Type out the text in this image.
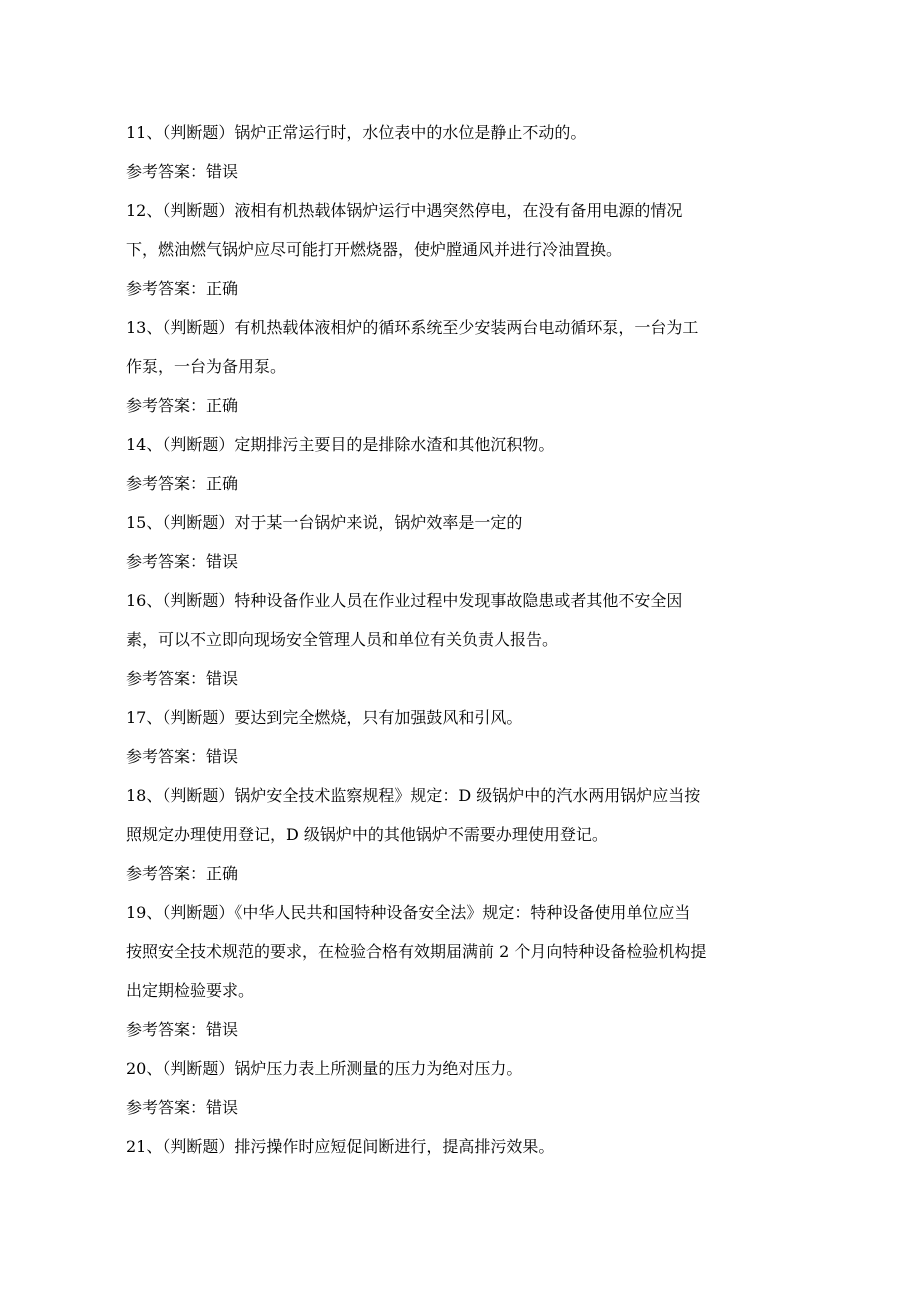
11、（判断题）锅炉正常运行时，水位表中的水位是静止不动的。
参考答案：错误
12、（判断题）液相有机热载体锅炉运行中遇突然停电，在没有备用电源的情况
下，燃油燃气锅炉应尽可能打开燃烧器，使炉膛通风并进行冷油置换。
参考答案：正确
13、（判断题）有机热载体液相炉的循环系统至少安装两台电动循环泵，一台为工
作泵，一台为备用泵。
参考答案：正确
14、（判断题）定期排污主要目的是排除水渣和其他沉积物。
参考答案：正确
15、（判断题）对于某一台锅炉来说，锅炉效率是一定的
参考答案：错误
16、（判断题）特种设备作业人员在作业过程中发现事故隐患或者其他不安全因
素，可以不立即向现场安全管理人员和单位有关负责人报告。
参考答案：错误
17、（判断题）要达到完全燃烧，只有加强鼓风和引风。
参考答案：错误
18、（判断题）锅炉安全技术监察规程》规定：D 级锅炉中的汽水两用锅炉应当按
照规定办理使用登记，D 级锅炉中的其他锅炉不需要办理使用登记。
参考答案：正确
19、（判断题）《中华人民共和国特种设备安全法》规定：特种设备使用单位应当
按照安全技术规范的要求，在检验合格有效期届满前 2 个月向特种设备检验机构提
出定期检验要求。
参考答案：错误
20、（判断题）锅炉压力表上所测量的压力为绝对压力。
参考答案：错误
21、（判断题）排污操作时应短促间断进行，提高排污效果。
